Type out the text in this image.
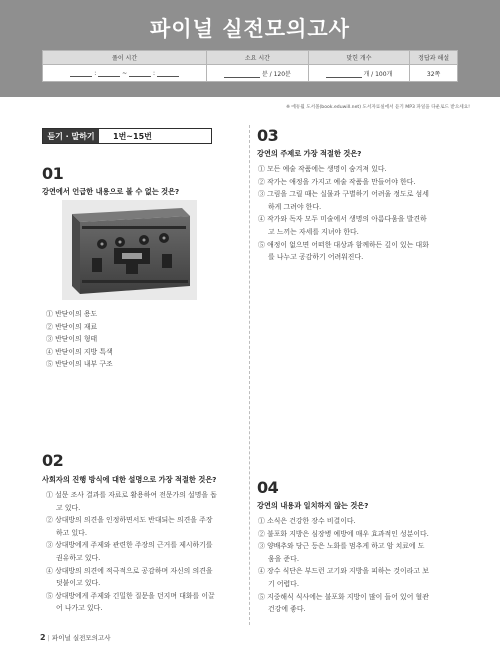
파이널 실전모의고사
풀이 시간	소요 시간	맞힌 개수	정답과 해설
: ~ :	분 / 120분	개 / 100개	32쪽
※ 에듀윌 도서몰(book.eduwill.net) 도서자료실에서 듣기 MP3 파일을 다운로드 받으세요!
듣기 · 말하기	1번~15번
01
강연에서 언급한 내용으로 볼 수 없는 것은?
① 반닫이의 용도
② 반닫이의 재료
③ 반닫이의 형태
④ 반닫이의 지방 특색
⑤ 반닫이의 내부 구조
02
사회자의 진행 방식에 대한 설명으로 가장 적절한 것은?
① 설문 조사 결과를 자료로 활용하여 전문가의 설명을 돕
고 있다.
② 상대방의 의견을 인정하면서도 반대되는 의견을 주장
하고 있다.
③ 상대방에게 주제와 관련한 주장의 근거를 제시하기를
권유하고 있다.
④ 상대방의 의견에 적극적으로 공감하며 자신의 의견을
덧붙이고 있다.
⑤ 상대방에게 주제와 긴밀한 질문을 던지며 대화를 이끌
어 나가고 있다.
03
강연의 주제로 가장 적절한 것은?
① 모든 예술 작품에는 생명이 숨겨져 있다.
② 작가는 애정을 가지고 예술 작품을 만들어야 한다.
③ 그림을 그릴 때는 실물과 구별하기 어려울 정도로 섬세
하게 그려야 한다.
④ 작가와 독자 모두 미술에서 생명의 아름다움을 발견하
고 느끼는 자세를 지녀야 한다.
⑤ 애정이 없으면 어떠한 대상과 함께하든 깊이 있는 대화
를 나누고 공감하기 어려워진다.
04
강연의 내용과 일치하지 않는 것은?
① 소식은 건강한 장수 비결이다.
② 불포화 지방은 심장병 예방에 매우 효과적인 성분이다.
③ 양배추와 당근 등은 노화를 멈추게 하고 암 치료에 도
움을 준다.
④ 장수 식단은 부드런 고기와 지방을 피하는 것이라고 보
기 어렵다.
⑤ 지중해식 식사에는 불포화 지방이 많이 들어 있어 혈관
건강에 좋다.
2 | 파이널 실전모의고사
